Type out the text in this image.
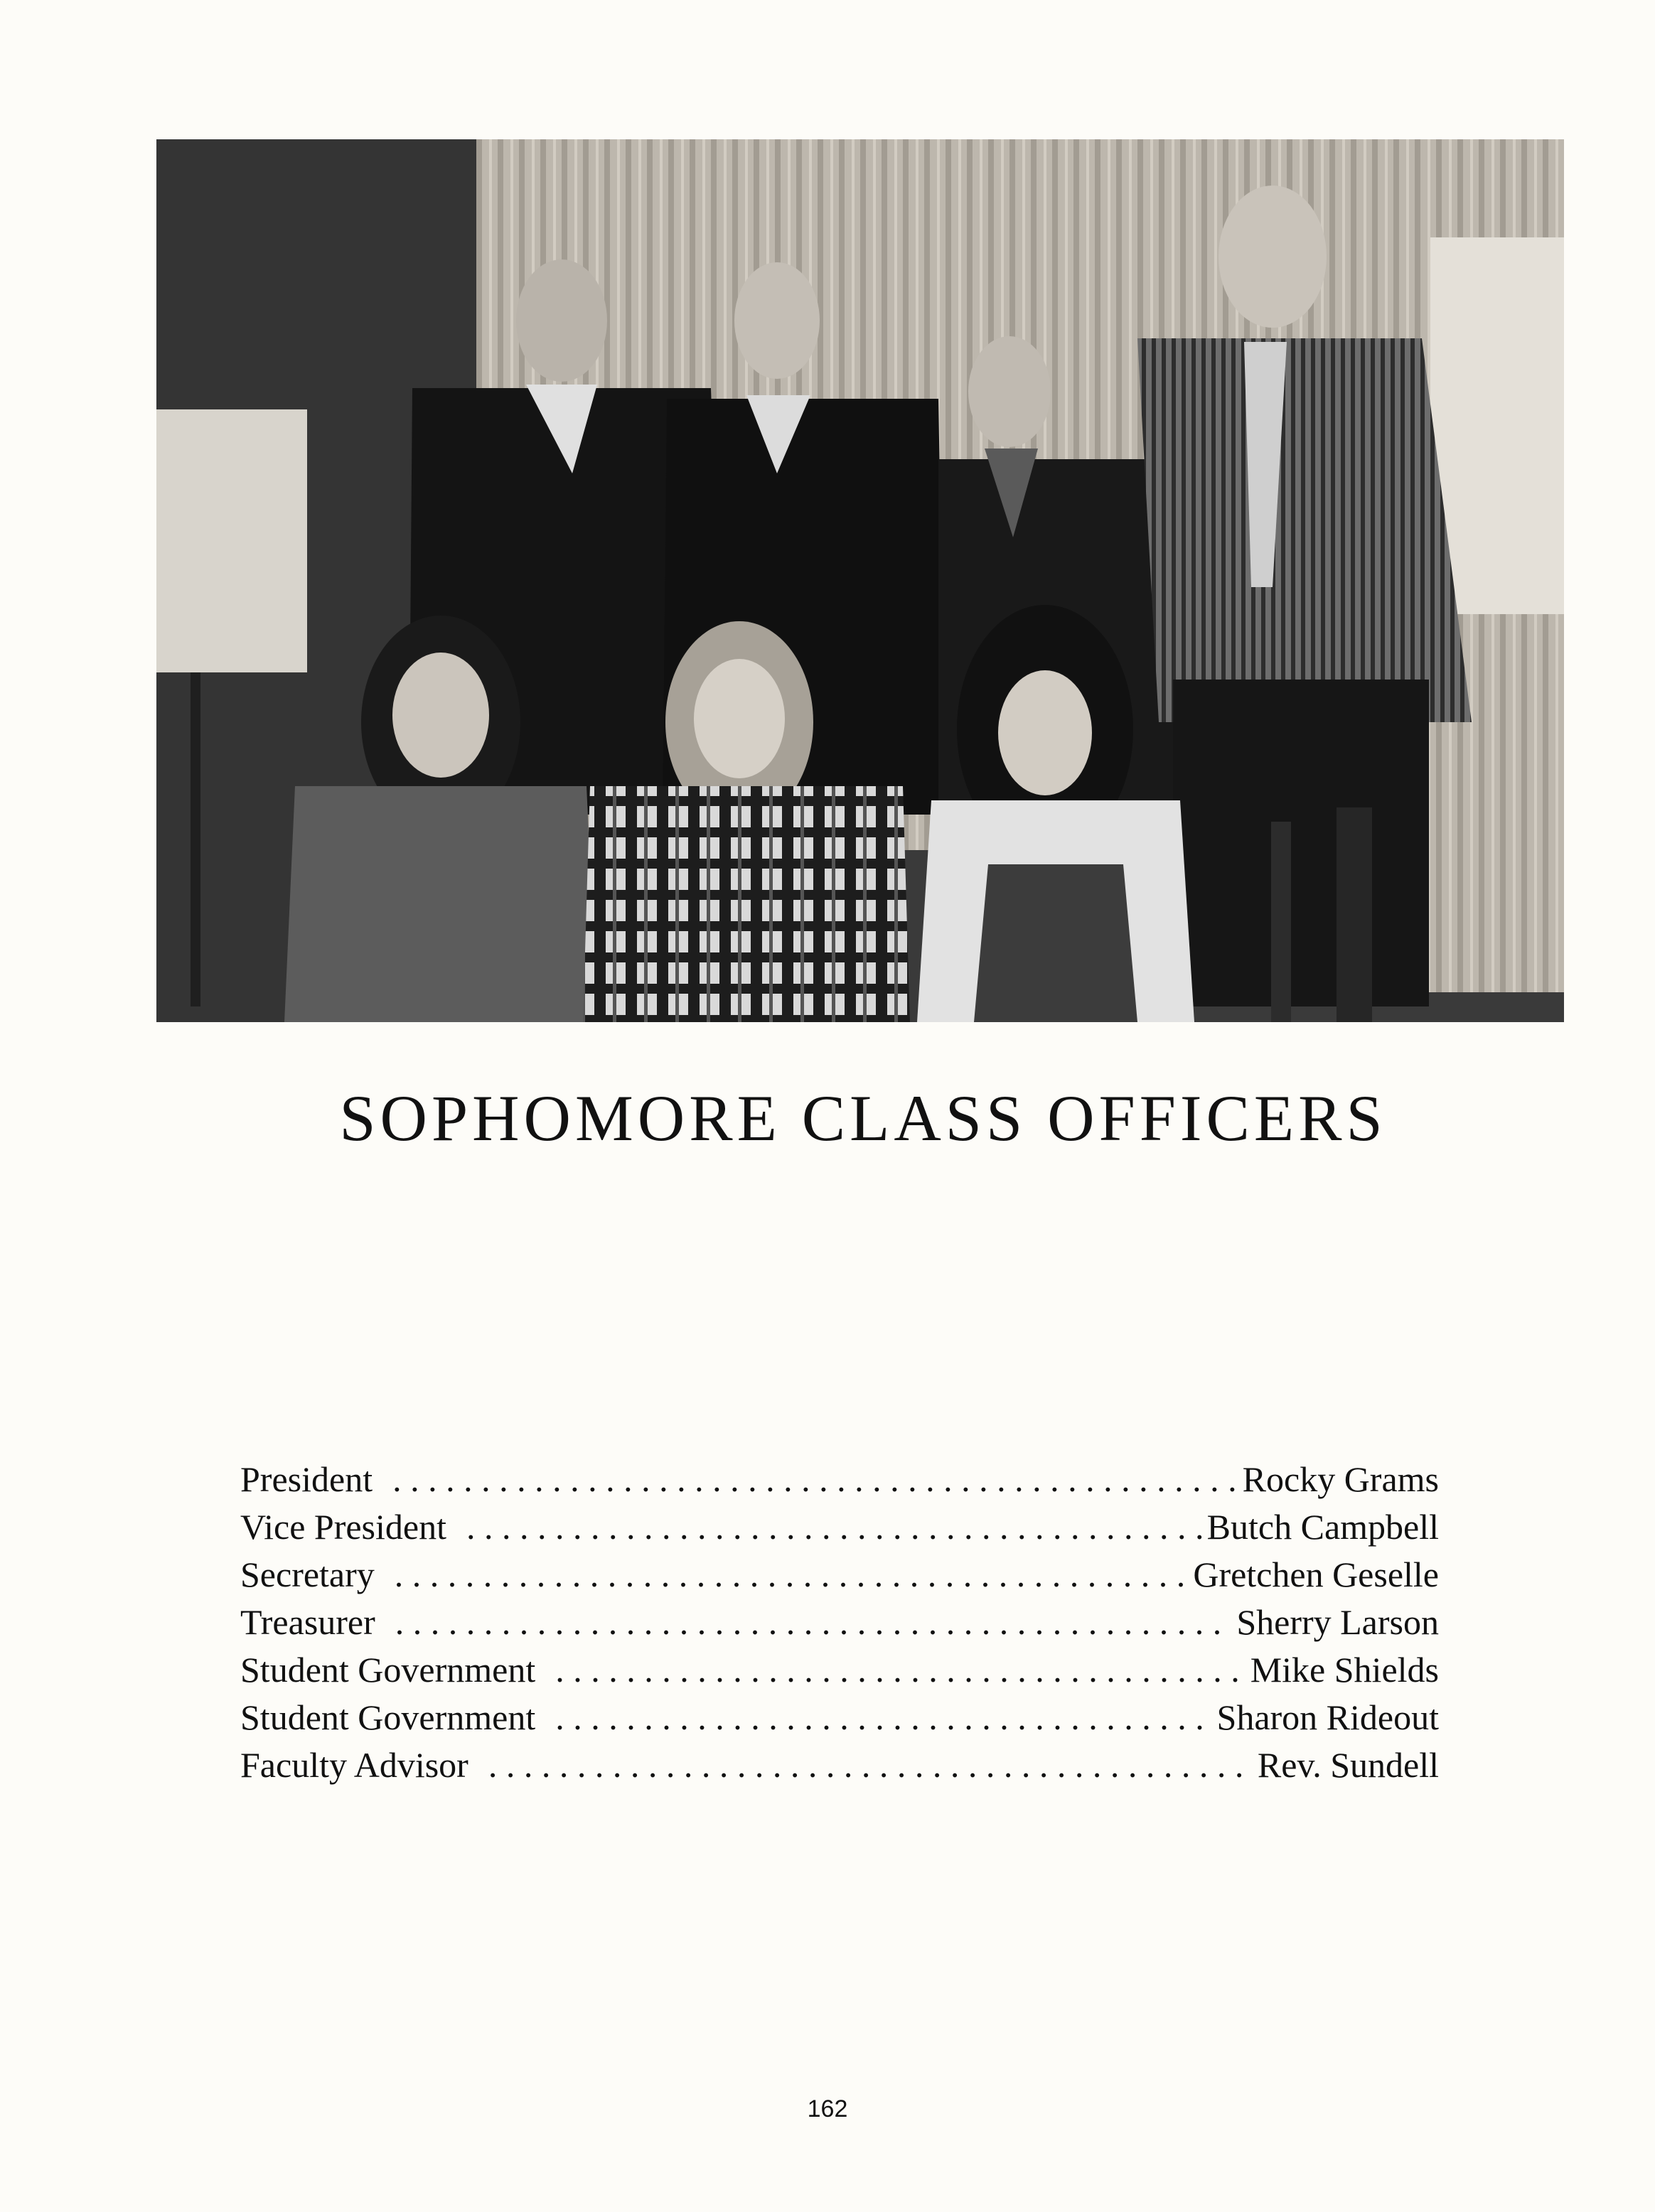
SOPHOMORE CLASS OFFICERS
President . . .	Rocky Grams
Vice President . . .	Butch Campbell
Secretary . . .	Gretchen Geselle
Treasurer . . .	Sherry Larson
Student Government . . .	Mike Shields
Student Government . . .	Sharon Rideout
Faculty Advisor . . .	Rev. Sundell
162
